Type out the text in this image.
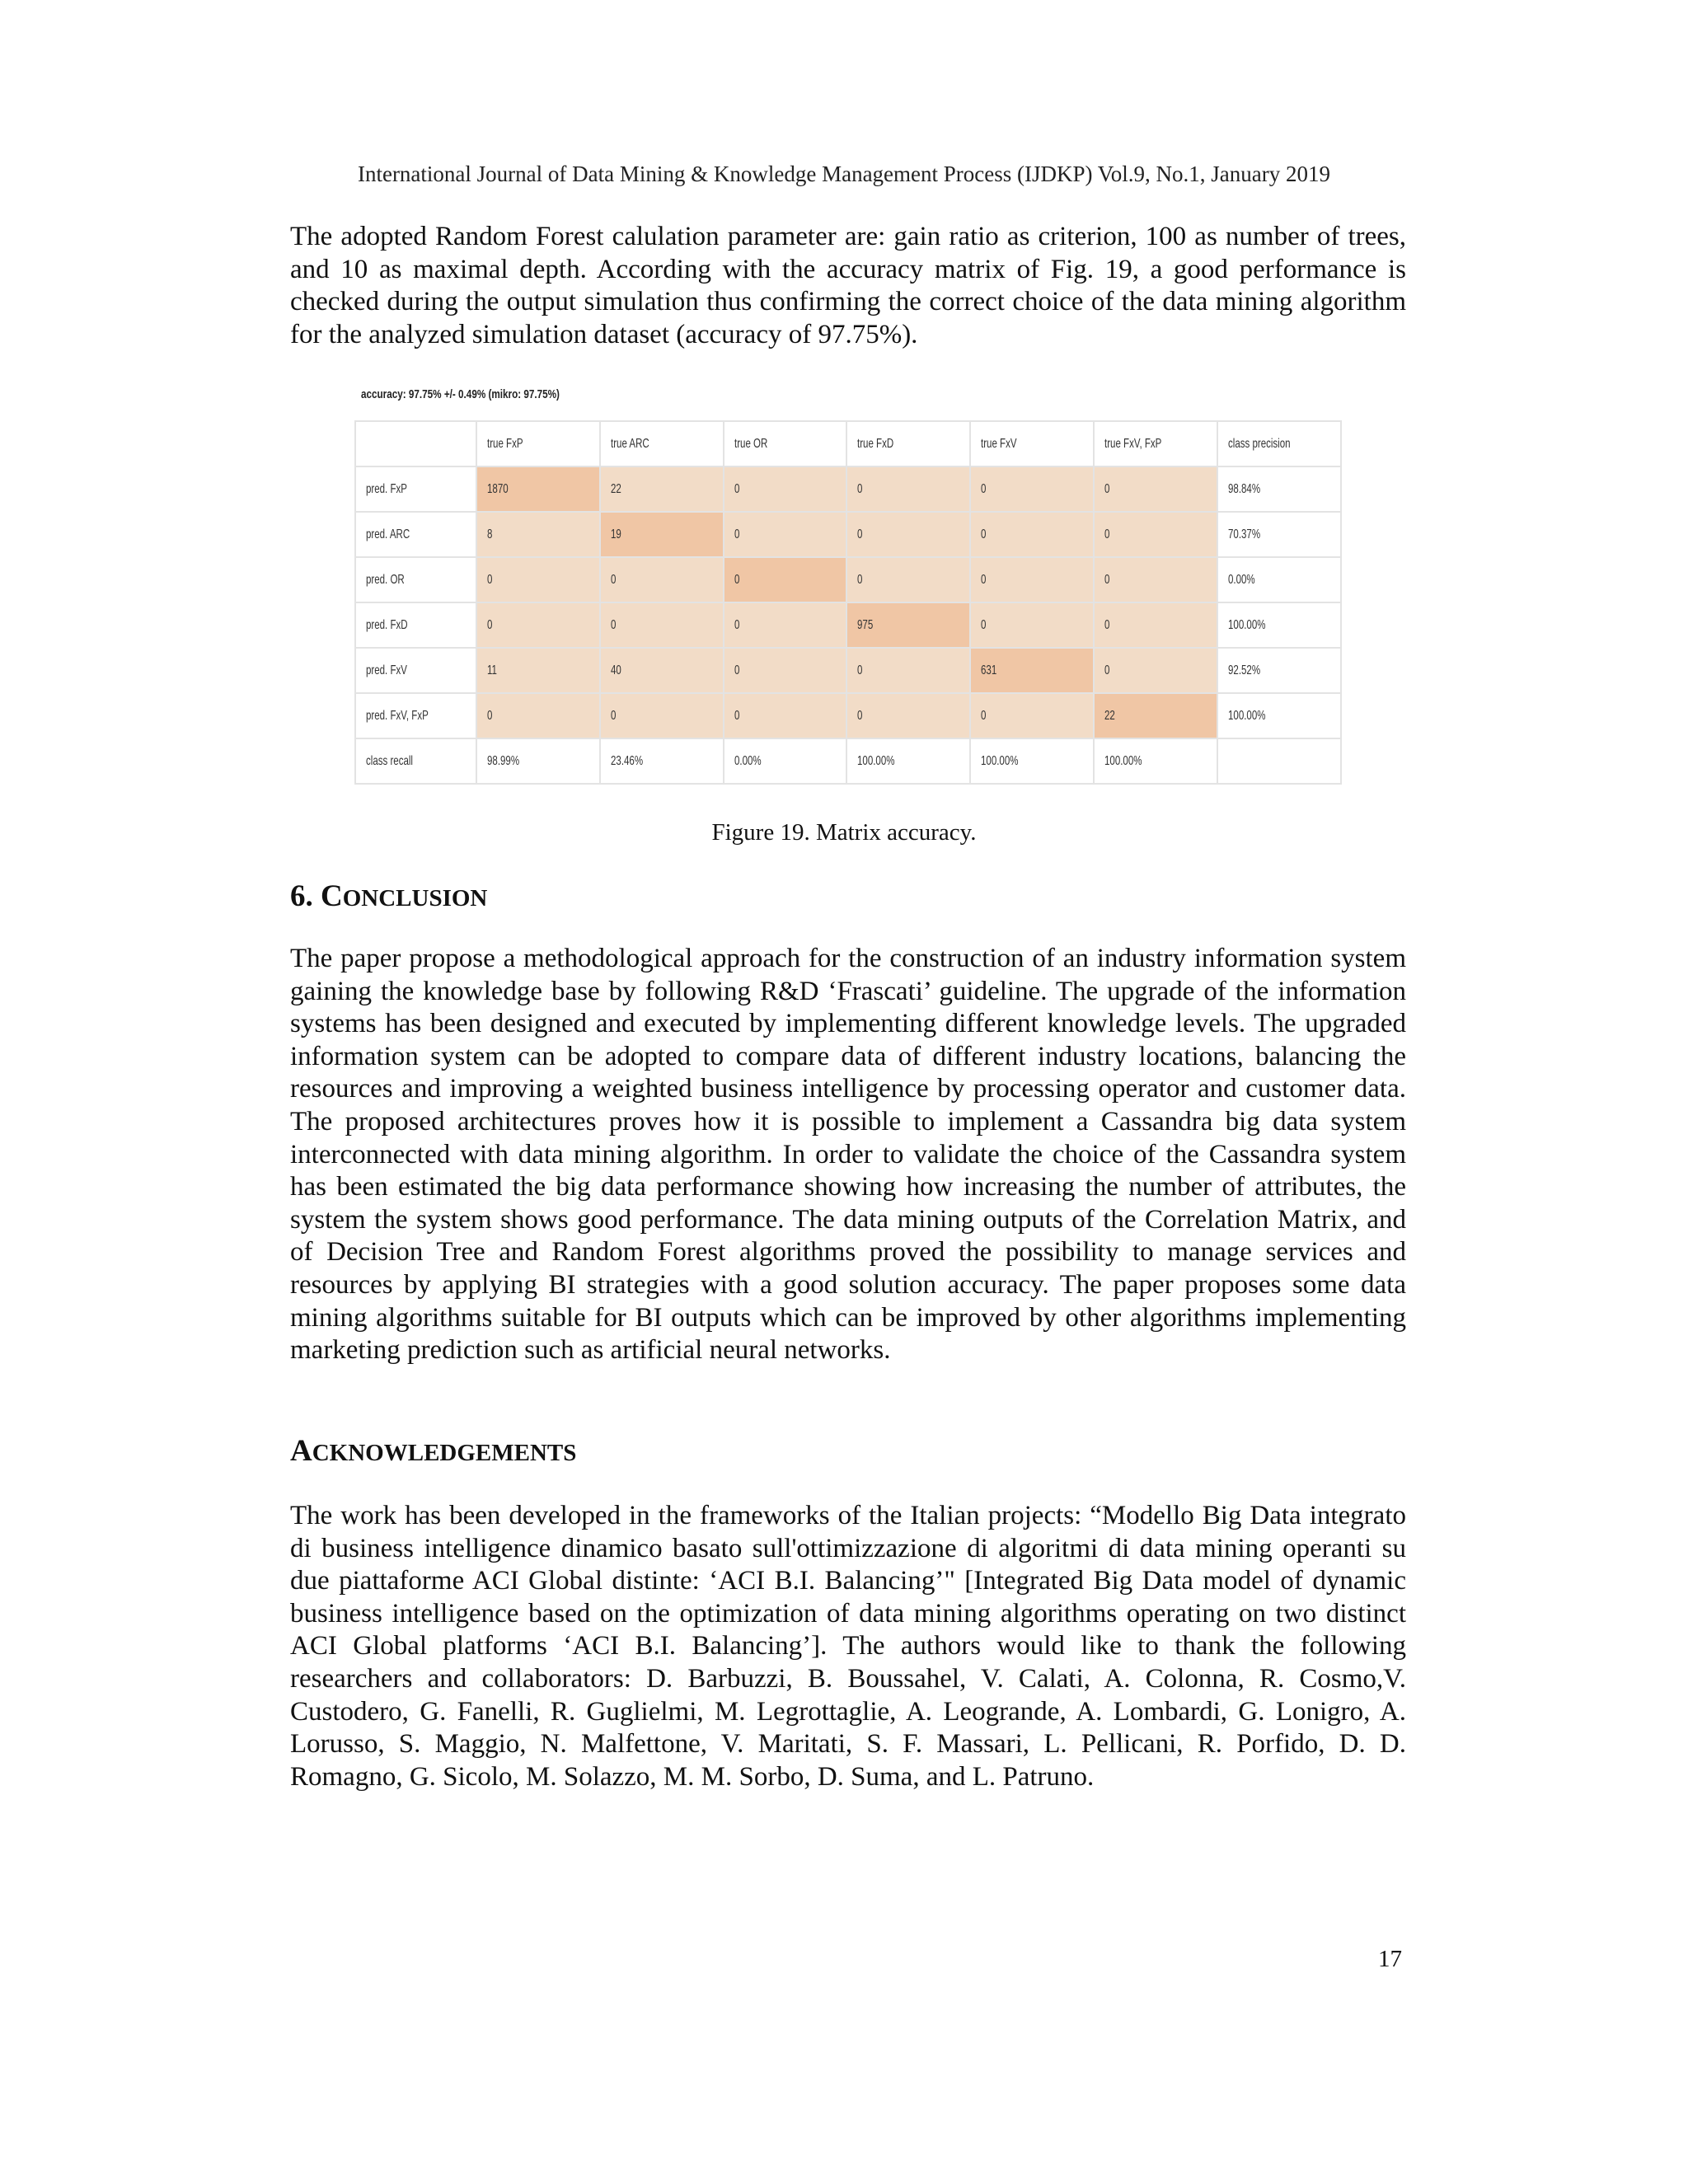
International Journal of Data Mining & Knowledge Management Process (IJDKP) Vol.9, No.1, January 2019

The adopted Random Forest calulation parameter are: gain ratio as criterion, 100 as number of trees, and 10 as maximal depth. According with the accuracy matrix of Fig. 19, a good performance is checked during the output simulation thus confirming the correct choice of the data mining algorithm for the analyzed simulation dataset (accuracy of 97.75%).

accuracy: 97.75% +/- 0.49% (mikro: 97.75%)
	true FxP	true ARC	true OR	true FxD	true FxV	true FxV, FxP	class precision
pred. FxP	1870	22	0	0	0	0	98.84%
pred. ARC	8	19	0	0	0	0	70.37%
pred. OR	0	0	0	0	0	0	0.00%
pred. FxD	0	0	0	975	0	0	100.00%
pred. FxV	11	40	0	0	631	0	92.52%
pred. FxV, FxP	0	0	0	0	0	22	100.00%
class recall	98.99%	23.46%	0.00%	100.00%	100.00%	100.00%	
Figure 19. Matrix accuracy.
6. CONCLUSION

The paper propose a methodological approach for the construction of an industry information system gaining the knowledge base by following R&D ‘Frascati’ guideline. The upgrade of the information systems has been designed and executed by implementing different knowledge levels. The upgraded information system can be adopted to compare data of different industry locations, balancing the resources and improving a weighted business intelligence by processing operator and customer data. The proposed architectures proves how it is possible to implement a Cassandra big data system interconnected with data mining algorithm. In order to validate the choice of the Cassandra system has been estimated the big data performance showing how increasing the number of attributes, the system the system shows good performance. The data mining outputs of the Correlation Matrix, and of Decision Tree and Random Forest algorithms proved the possibility to manage services and resources by applying BI strategies with a good solution accuracy. The paper proposes some data mining algorithms suitable for BI outputs which can be improved by other algorithms implementing marketing prediction such as artificial neural networks.

ACKNOWLEDGEMENTS

The work has been developed in the frameworks of the Italian projects: “Modello Big Data integrato di business intelligence dinamico basato sull'ottimizzazione di algoritmi di data mining operanti su due piattaforme ACI Global distinte: ‘ACI B.I. Balancing’" [Integrated Big Data model of dynamic business intelligence based on the optimization of data mining algorithms operating on two distinct ACI Global platforms ‘ACI B.I. Balancing’]. The authors would like to thank the following researchers and collaborators: D. Barbuzzi, B. Boussahel, V. Calati, A. Colonna, R. Cosmo,V. Custodero, G. Fanelli, R. Guglielmi, M. Legrottaglie, A. Leogrande, A. Lombardi, G. Lonigro, A. Lorusso, S. Maggio, N. Malfettone, V. Maritati, S. F. Massari, L. Pellicani, R. Porfido, D. D. Romagno, G. Sicolo, M. Solazzo, M. M. Sorbo, D. Suma, and L. Patruno.

17
